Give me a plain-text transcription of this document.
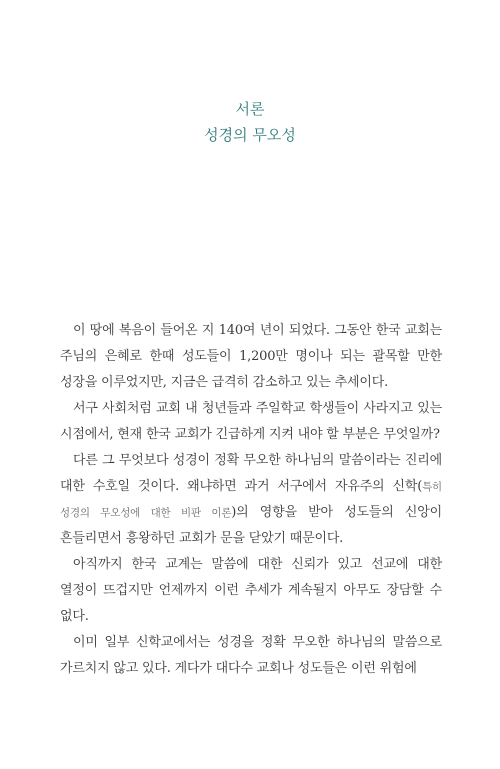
서론
성경의 무오성

이 땅에 복음이 들어온 지 140여 년이 되었다. 그동안 한국 교회는 주님의 은혜로 한때 성도들이 1,200만 명이나 되는 괄목할 만한 성장을 이루었지만, 지금은 급격히 감소하고 있는 추세이다.

서구 사회처럼 교회 내 청년들과 주일학교 학생들이 사라지고 있는 시점에서, 현재 한국 교회가 긴급하게 지켜 내야 할 부분은 무엇일까?

다른 그 무엇보다 성경이 정확 무오한 하나님의 말씀이라는 진리에 대한 수호일 것이다. 왜냐하면 과거 서구에서 자유주의 신학(특히 성경의 무오성에 대한 비판 이론)의 영향을 받아 성도들의 신앙이 흔들리면서 흥왕하던 교회가 문을 닫았기 때문이다.

아직까지 한국 교계는 말씀에 대한 신뢰가 있고 선교에 대한 열정이 뜨겁지만 언제까지 이런 추세가 계속될지 아무도 장담할 수 없다.

이미 일부 신학교에서는 성경을 정확 무오한 하나님의 말씀으로 가르치지 않고 있다. 게다가 대다수 교회나 성도들은 이런 위험에
